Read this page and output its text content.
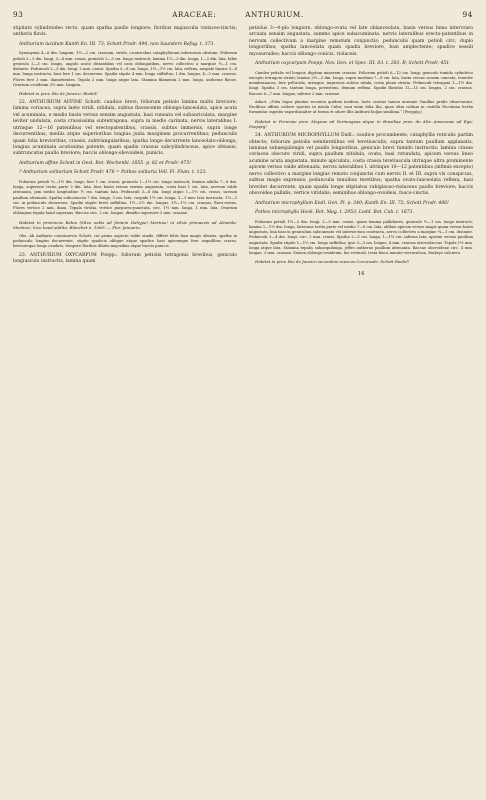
93	ARACEAE:	ANTHURIUM.	94

stipitato cylindroideo recto, quam spatha paullo longiore; floribus majusculis violaceo-tinctis; antheris flavis.

Anthurium lucidum Kunth En. III. 73; Schott Prodr. 494, non Saunders Refug. t. 373.

Synonymia 4—6 dm. longum, 1½—2 cm. crassum, viride, cicatricibus cataphyllorum inferiorum obsitum. Foliorum petioli 2—3 dm. longi, 3—4 mm. crassi, geniculo 2—3 cm. longo instructi; lamina 1½—3 dm. longa, 1—2 dm. lata, bibis geniculo 2—3 cm. longis, angulo acuto distantibus vel usus oblongatibus, nervo collectivo a margine ½—1 cm. distante. Pedunculi 2—3 dm. longi, 2 mm. crassi. Spatha 5—8 cm. longa, 1½—1½ cm. lata, reflexa, nuspide lineari 3—4 mm. longa instructa, basi fere 1 cm. decurrens. Spadix stipite 4 mm. longo suffultus, 1 dm. longus, 4—5 mm. crassus. Flores fere 3 mm. diametientes. Tepala 2 mm. longa atque lata. Stamina filamenta 2 mm. longa, antherae flavae. Ovarium ovoideum 2½ mm. longum.

Habitat in prov. Rio de Janeiro: Riedel!

22. ANTHURIUM AFFINE Schott: caudice brevi; foliorum petiolo lamina multo breviore; lamina coriacea, supra laete viridi, nitidula, subtus flavescente oblongo-lanceolata, apice acuta vel acuminata, e medio basin versus sensim angustata, basi cuneata vel subauriculata, margine leviter undulata, costa crassissima subtetragona, supra in medio carinata, nervis lateralibus I. utrinque 12—16 patentibus vel erectopatentibus, crassis, subtus immersis, supra longe decurrentibus, mediis atque superioribus longius juxta marginem procurrentibus; pedunculis quam folia brevioribus, crassis, subtriangularibus; spatha longe decurrente lanceolato-oblonga, longius acuminata acutissima patente, quam spadix crassus subcylindraceus, apice obtusus, subtruncatus paullo breviore; baccis oblongo-obovoideis, punicis.

Anthurium affine Schott in Oest. Bot. Wochenbl. 1855. p. 82 et Prodr. 475!

? Anthurium solitarium Schott Prodr. 478 = Pothos solitaria Vell. Fl. Flum. t. 123.

Foliorum petioli ½—1½ dm. longi, fere 1 cm. crassi, geniculo 1—1½ cm. longo instructi; lamina adulta 7—8 dm. longa, superiore tertia parte 2 dm. lata, hinc basin versus sensim angustata, costa basi 1 cm. lata, nervum valde attenuata, jam medio longitudine ½ cm. tantum lata. Pedunculi 3—6 dm. longi atque 1—1½ cm. crassi, sursum paullum attenuati. Spatha subcoriacea 7 dm. longa, 3 cm. lata, cuspide 1½ cm. longa, 2—3 mm. lata instructa, 1½—2 cm. in pedunculo decurrens. Spadix stipite brevi suffultus, 1½—1½ dm. longus, 1½—1½ cm. crassus, flavo-virens. Flores vertice 2 mm. diam. Tepala viridia, vertice purpureo-punctata, circ. 1½ mm. longa, 1 mm. lata. Ovarium oblongum tepala haud superans. Baccae circ. 2 cm. longae, dimidio superiore 3 mm. crassae.

Habitat in provinciis Bahia (Silva nobis ad fontem Itahype) Martius! in silvis primaevis ad Almeida: Martius!; loco haud addito: Blanchet n. 1065! — Flor. Januario.

Obs. Ab Anthurio crassinervio Schott, cui primo aspectu valde simile, differt foliis basi magis obtusis, spatha in pedunculo longius decurrente, stipite spadicis oblique atque spadice basi apicemque fere aequilibus crasso, brevioreque longe caudato, tempore floribus dilutis majoribus atque baccis punicis.

23. ANTHURIUM OXYCARPUM Poepp.: foliorum petiolis tetragonis brevibus, geniculo longiusculo instructis, lamina quam

petiolus 3—4-plo longiore, oblongo-ovata vel late oblanceolata, basin versus linea intervraro arcuata sensim angustata, summo apice subacuminata, nervis lateralibus erecto-patentibus in nervum collectivum a margine remotum conjunctis; pedunculis quam petioli circ. duplo longioribus; spatha lanceolata quam spadix breviore, basi amplectente; spadice sessili myosuroideo; baccis oblongo-conicis, violaceis.

Anthurium oxycarpum Poepp. Nov. Gen. et Spec. III. 83. t. 283. B; Schott Prodr. 451.

Caudex pedalis vel longior, digitum minorem crassus. Foliorum petioli 6—12 cm. longi, geniculo tumido cylindrico excepto tetragoni striati; lamina 2½—3 dm. longa, supra medium 7—8 cm. lata, basin versus sensim cuneata, tenuiter membranacea, fere pellucida, utrinque, impressis subtus nitida, costa plana striata. Pedunculi tetragoni 1—1½ dm. longi. Spatha 3 cm. tantum longa, persistens, demum reflexa. Spadix flavidus 12—15 cm. longus, 2 cm. crassus. Baccae 6—7 mm. longae, inferne 2 mm. crassae.

Adnot. „Folia hujus plantae recentia quidem inodora, lacte cicutae tamen aromate Vanillae pridie observantur. Pacificus affinis culture species in insula Cuba; cuni enim folia Ilia, quae olim cultum in cistella Nicotiana herba furmentai vapeitis vaporibusalter ut forma et odore illis Antburii boljas similima.“ (Poeppig.)

Habitat in Peruviae prov. Maynas ad Yurimaguas atque in Brasiliae prov. do Alto Amazonas ad Ega: Poeppig!

24. ANTHURIUM MICROPHYLLUM Endl.: caudice procumbente, cataphyllis reticulis partim obtecto; foliorum petiolis semiteretibus vel teretiusculis, supra tantum paullum applanatis, laminae subaequilongis vel paullo longioribus, geniculo brevi tumido instructis; lamina crasse coriacea obscure viridi, supra paullum nitidula, ovata, basi rotundata, apicem versus lineo acumine acuta angustata, minute apiculata, costa crassa teretiuscula utrinque ultra prominente apicem versus valde attenuata, nervis lateralibus I. utrinque 10—12 patentibus (infimis excepto) nervo collectivo a margine longius remoto conjunctis cum nervis II. et III. supra vix conspicuis, subtus magis expressis; pedunculis tenuibus teretibus; spatha ovato-lanceolata reflexa, basi breviter decurrente, quam spadix longe stipitatus rubiginoso-violaceus paullo breviore; baccis obovoideo pallidis, vertice viridulis; seminibus oblongo-ovoideis, fusco-cinctis.

Anthurium microphyllum Endl. Gen. Pl. p. 240; Kunth En. III. 72; Schott Prodr. 486!

Pothos microphylla Hook. Bot. Mag. t. 2953; Lodd. Bot. Cab. t. 1673.

Foliorum petioli 1½—3 dm. longi, 2—3 mm. crassi, quam lamina pallidiores, geniculo ½—1 cm. longo instructi; lamina 1—1½ dm. longa, laterione tertia parte vel medio 7—8 cm. lata, ablbae apicem versus magis quam versus basin angustata, lma basi in geniculum subcuneato vel intersectum contracta, nervo collectivo a margine ¼—1 cm. distante. Pedunculi 3—4 dm. longi, circ. 2 mm. crassi. Spatha 2—3 cm. longa, 1—1½ cm. inferna lata, apicem versus paullum angustata. Spadix stipite 1—1½ cm. longo suffultus, ipse 3—3 cm. longus, 4 mm. crassus atroviolaceus. Tepala 1½ mm. longa atque lata. Stamina tepalis subaequilonga, jeffro antherae paullum attenuata. Baccae obovoideae circ. 4 mm. longae, 3 mm. crassae. Semen oblongo-ovoideum, bis verticali, testa fusca minute verruculosa. Embryo calcareo.

Habitat in prov. Rio de Janeiro secundum muscos Corcovadc: Schott Riedel!

14
